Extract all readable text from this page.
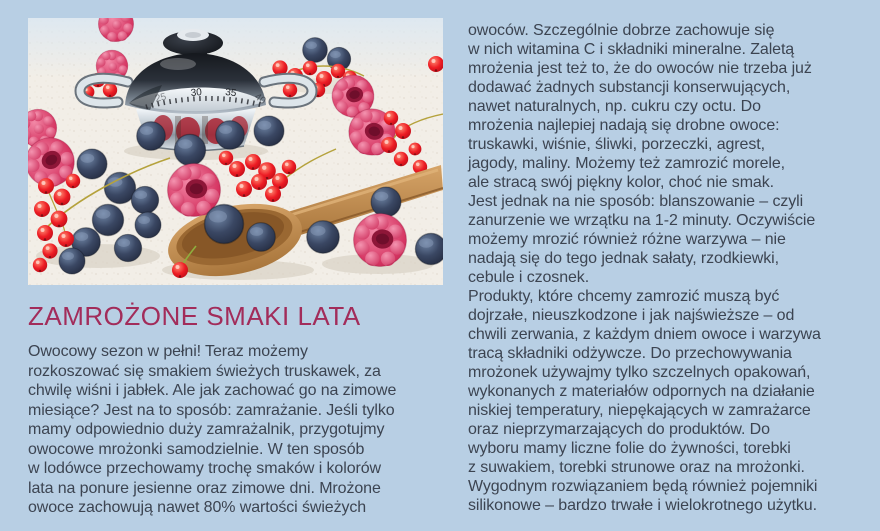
25 30 35 40
ZAMROŻONE SMAKI LATA
Owocowy sezon w pełni! Teraz możemy
rozkoszować się smakiem świeżych truskawek, za
chwilę wiśni i jabłek. Ale jak zachować go na zimowe
miesiące? Jest na to sposób: zamrażanie. Jeśli tylko
mamy odpowiednio duży zamrażalnik, przygotujmy
owocowe mrożonki samodzielnie. W ten sposób
w lodówce przechowamy trochę smaków i kolorów
lata na ponure jesienne oraz zimowe dni. Mrożone
owoce zachowują nawet 80% wartości świeżych
owoców. Szczególnie dobrze zachowuje się
w nich witamina C i składniki mineralne. Zaletą
mrożenia jest też to, że do owoców nie trzeba już
dodawać żadnych substancji konserwujących,
nawet naturalnych, np. cukru czy octu. Do
mrożenia najlepiej nadają się drobne owoce:
truskawki, wiśnie, śliwki, porzeczki, agrest,
jagody, maliny. Możemy też zamrozić morele,
ale stracą swój piękny kolor, choć nie smak.
Jest jednak na nie sposób: blanszowanie – czyli
zanurzenie we wrzątku na 1-2 minuty. Oczywiście
możemy mrozić również różne warzywa – nie
nadają się do tego jednak sałaty, rzodkiewki,
cebule i czosnek.
Produkty, które chcemy zamrozić muszą być
dojrzałe, nieuszkodzone i jak najświeższe – od
chwili zerwania, z każdym dniem owoce i warzywa
tracą składniki odżywcze. Do przechowywania
mrożonek używajmy tylko szczelnych opakowań,
wykonanych z materiałów odpornych na działanie
niskiej temperatury, niepękających w zamrażarce
oraz nieprzymarzających do produktów. Do
wyboru mamy liczne folie do żywności, torebki
z suwakiem, torebki strunowe oraz na mrożonki.
Wygodnym rozwiązaniem będą również pojemniki
silikonowe – bardzo trwałe i wielokrotnego użytku.
